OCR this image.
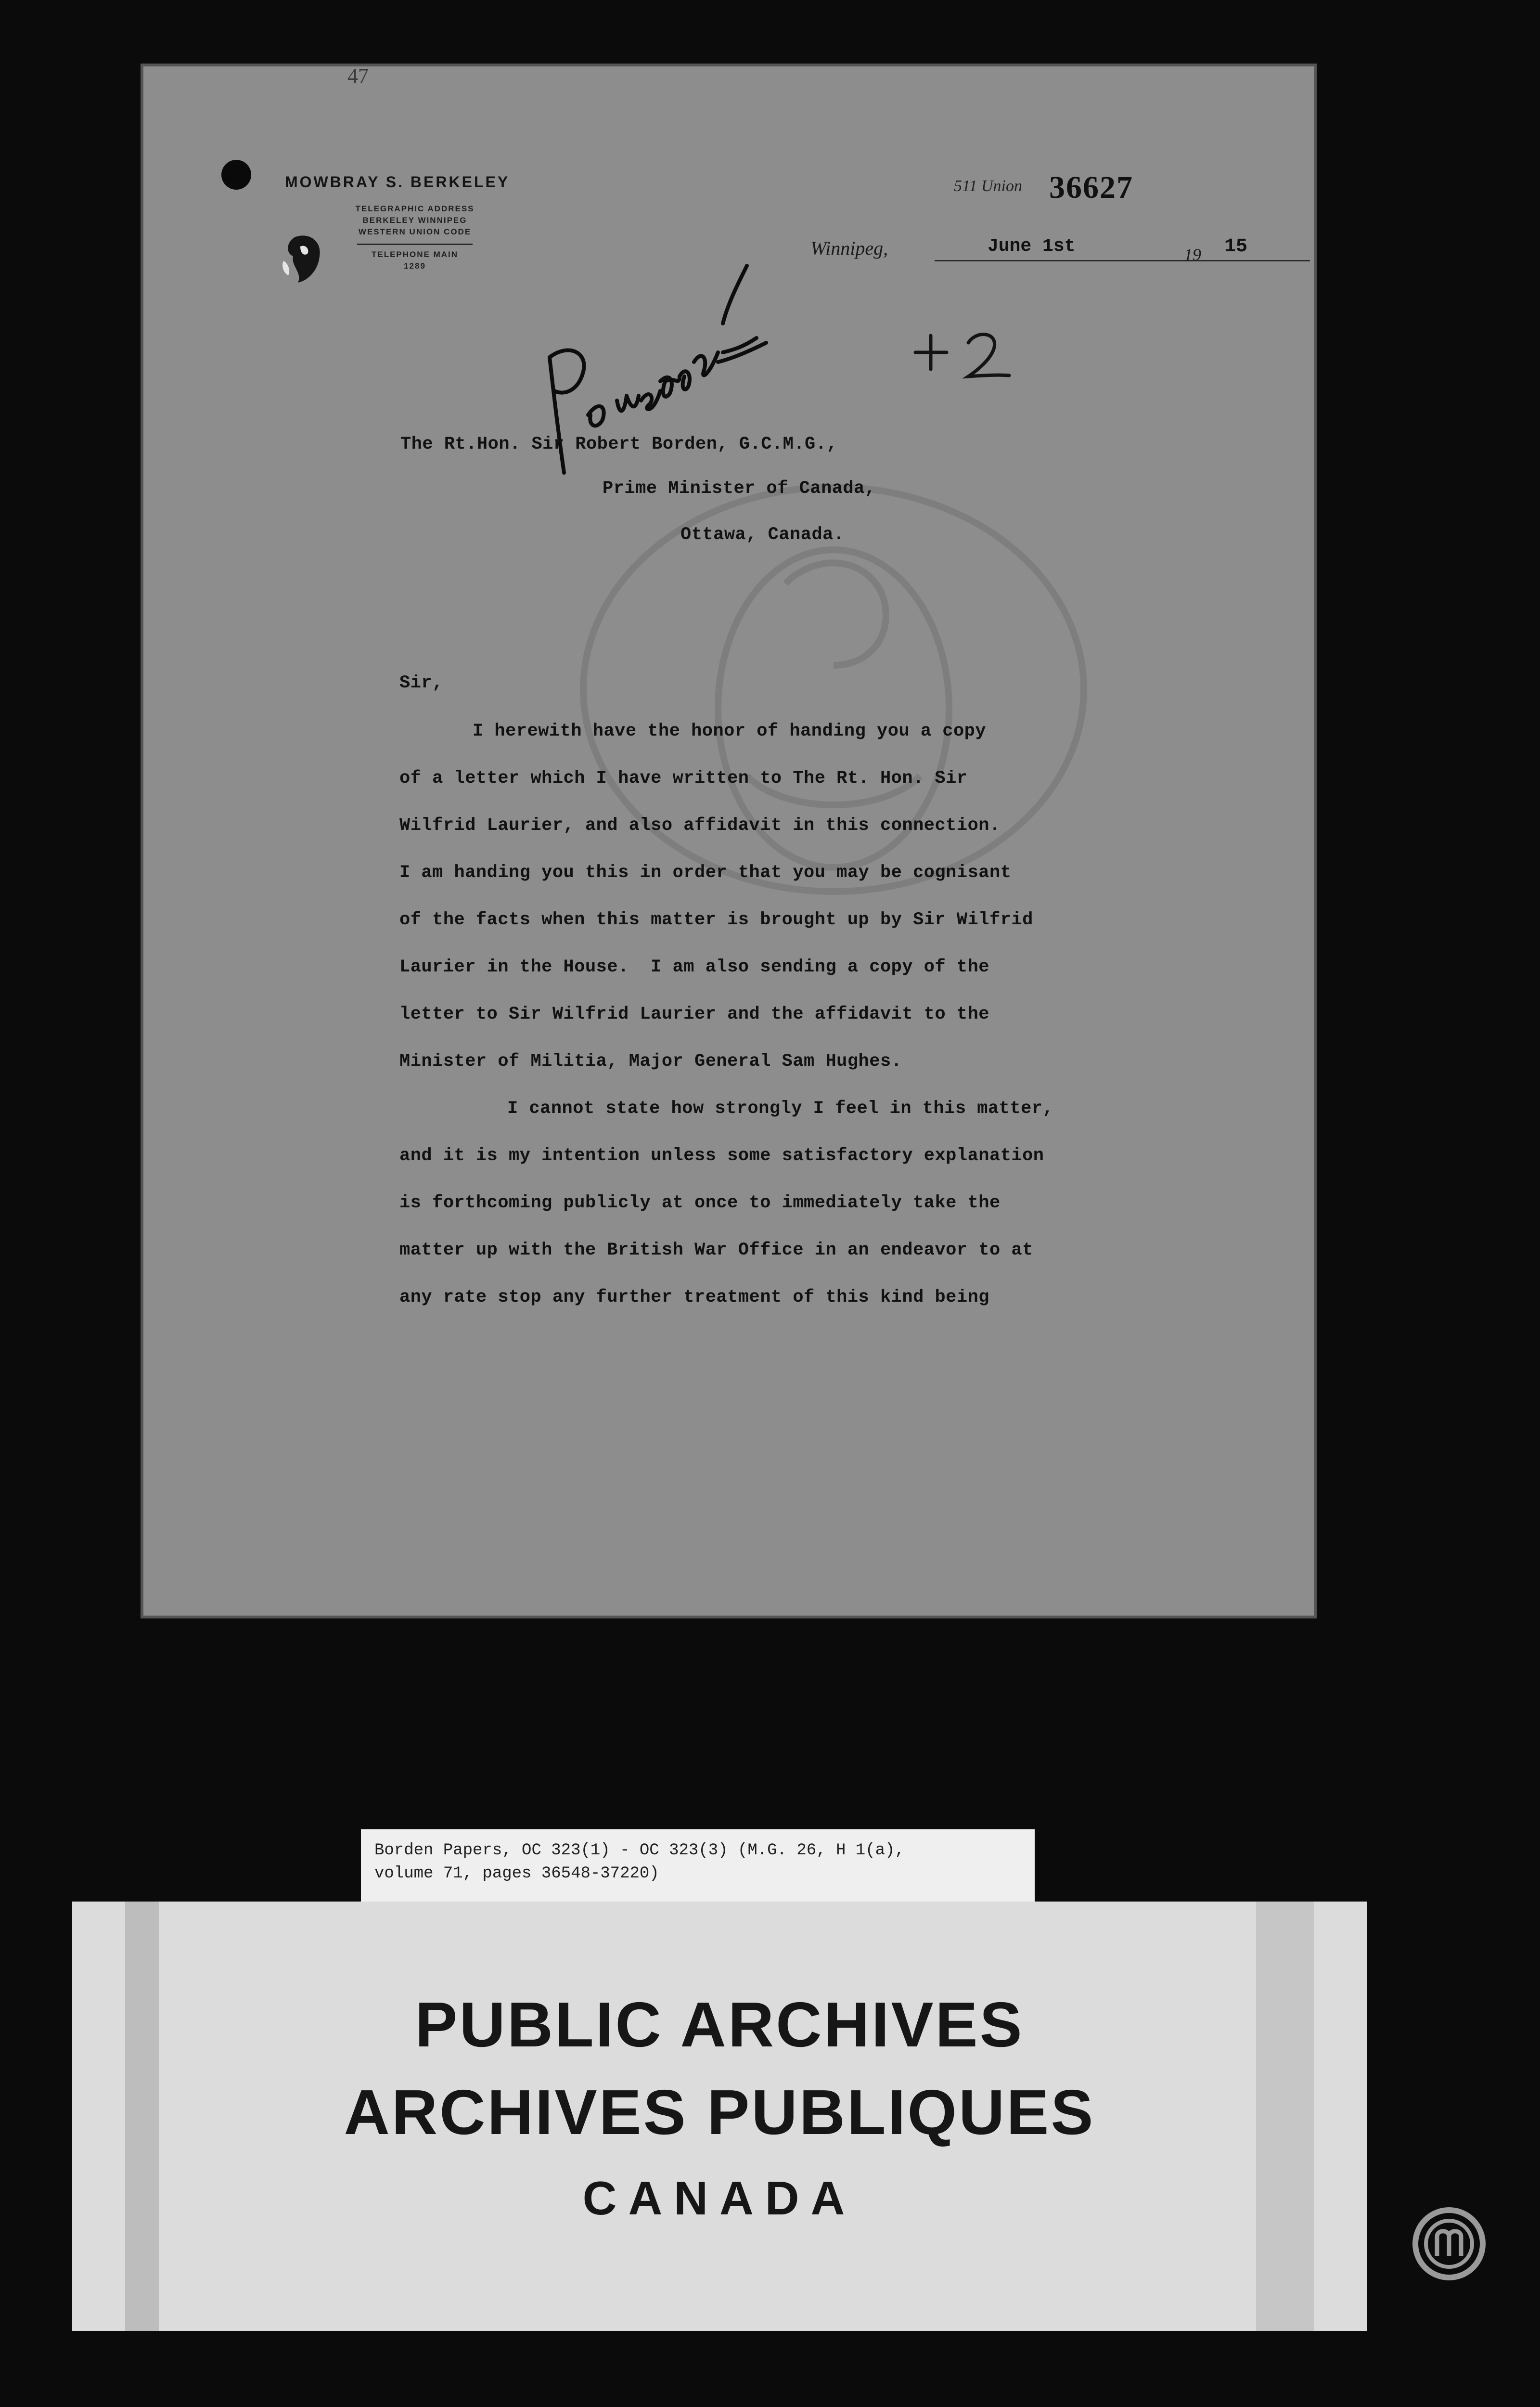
47
MOWBRAY S. BERKELEY
TELEGRAPHIC ADDRESS
BERKELEY WINNIPEG
WESTERN UNION CODE
TELEPHONE MAIN
1289
511 Union 36627
Winnipeg,	June 1st	19 15
The Rt.Hon. Sir Robert Borden, G.C.M.G.,
Prime Minister of Canada,
Ottawa, Canada.
Sir,
I herewith have the honor of handing you a copy
of a letter which I have written to The Rt. Hon. Sir
Wilfrid Laurier, and also affidavit in this connection.
I am handing you this in order that you may be cognisant
of the facts when this matter is brought up by Sir Wilfrid
Laurier in the House.  I am also sending a copy of the
letter to Sir Wilfrid Laurier and the affidavit to the
Minister of Militia, Major General Sam Hughes.
I cannot state how strongly I feel in this matter,
and it is my intention unless some satisfactory explanation
is forthcoming publicly at once to immediately take the
matter up with the British War Office in an endeavor to at
any rate stop any further treatment of this kind being
Borden Papers, OC 323(1) - OC 323(3) (M.G. 26, H 1(a),
volume 71, pages 36548-37220)
PUBLIC ARCHIVES
ARCHIVES PUBLIQUES
CANADA
